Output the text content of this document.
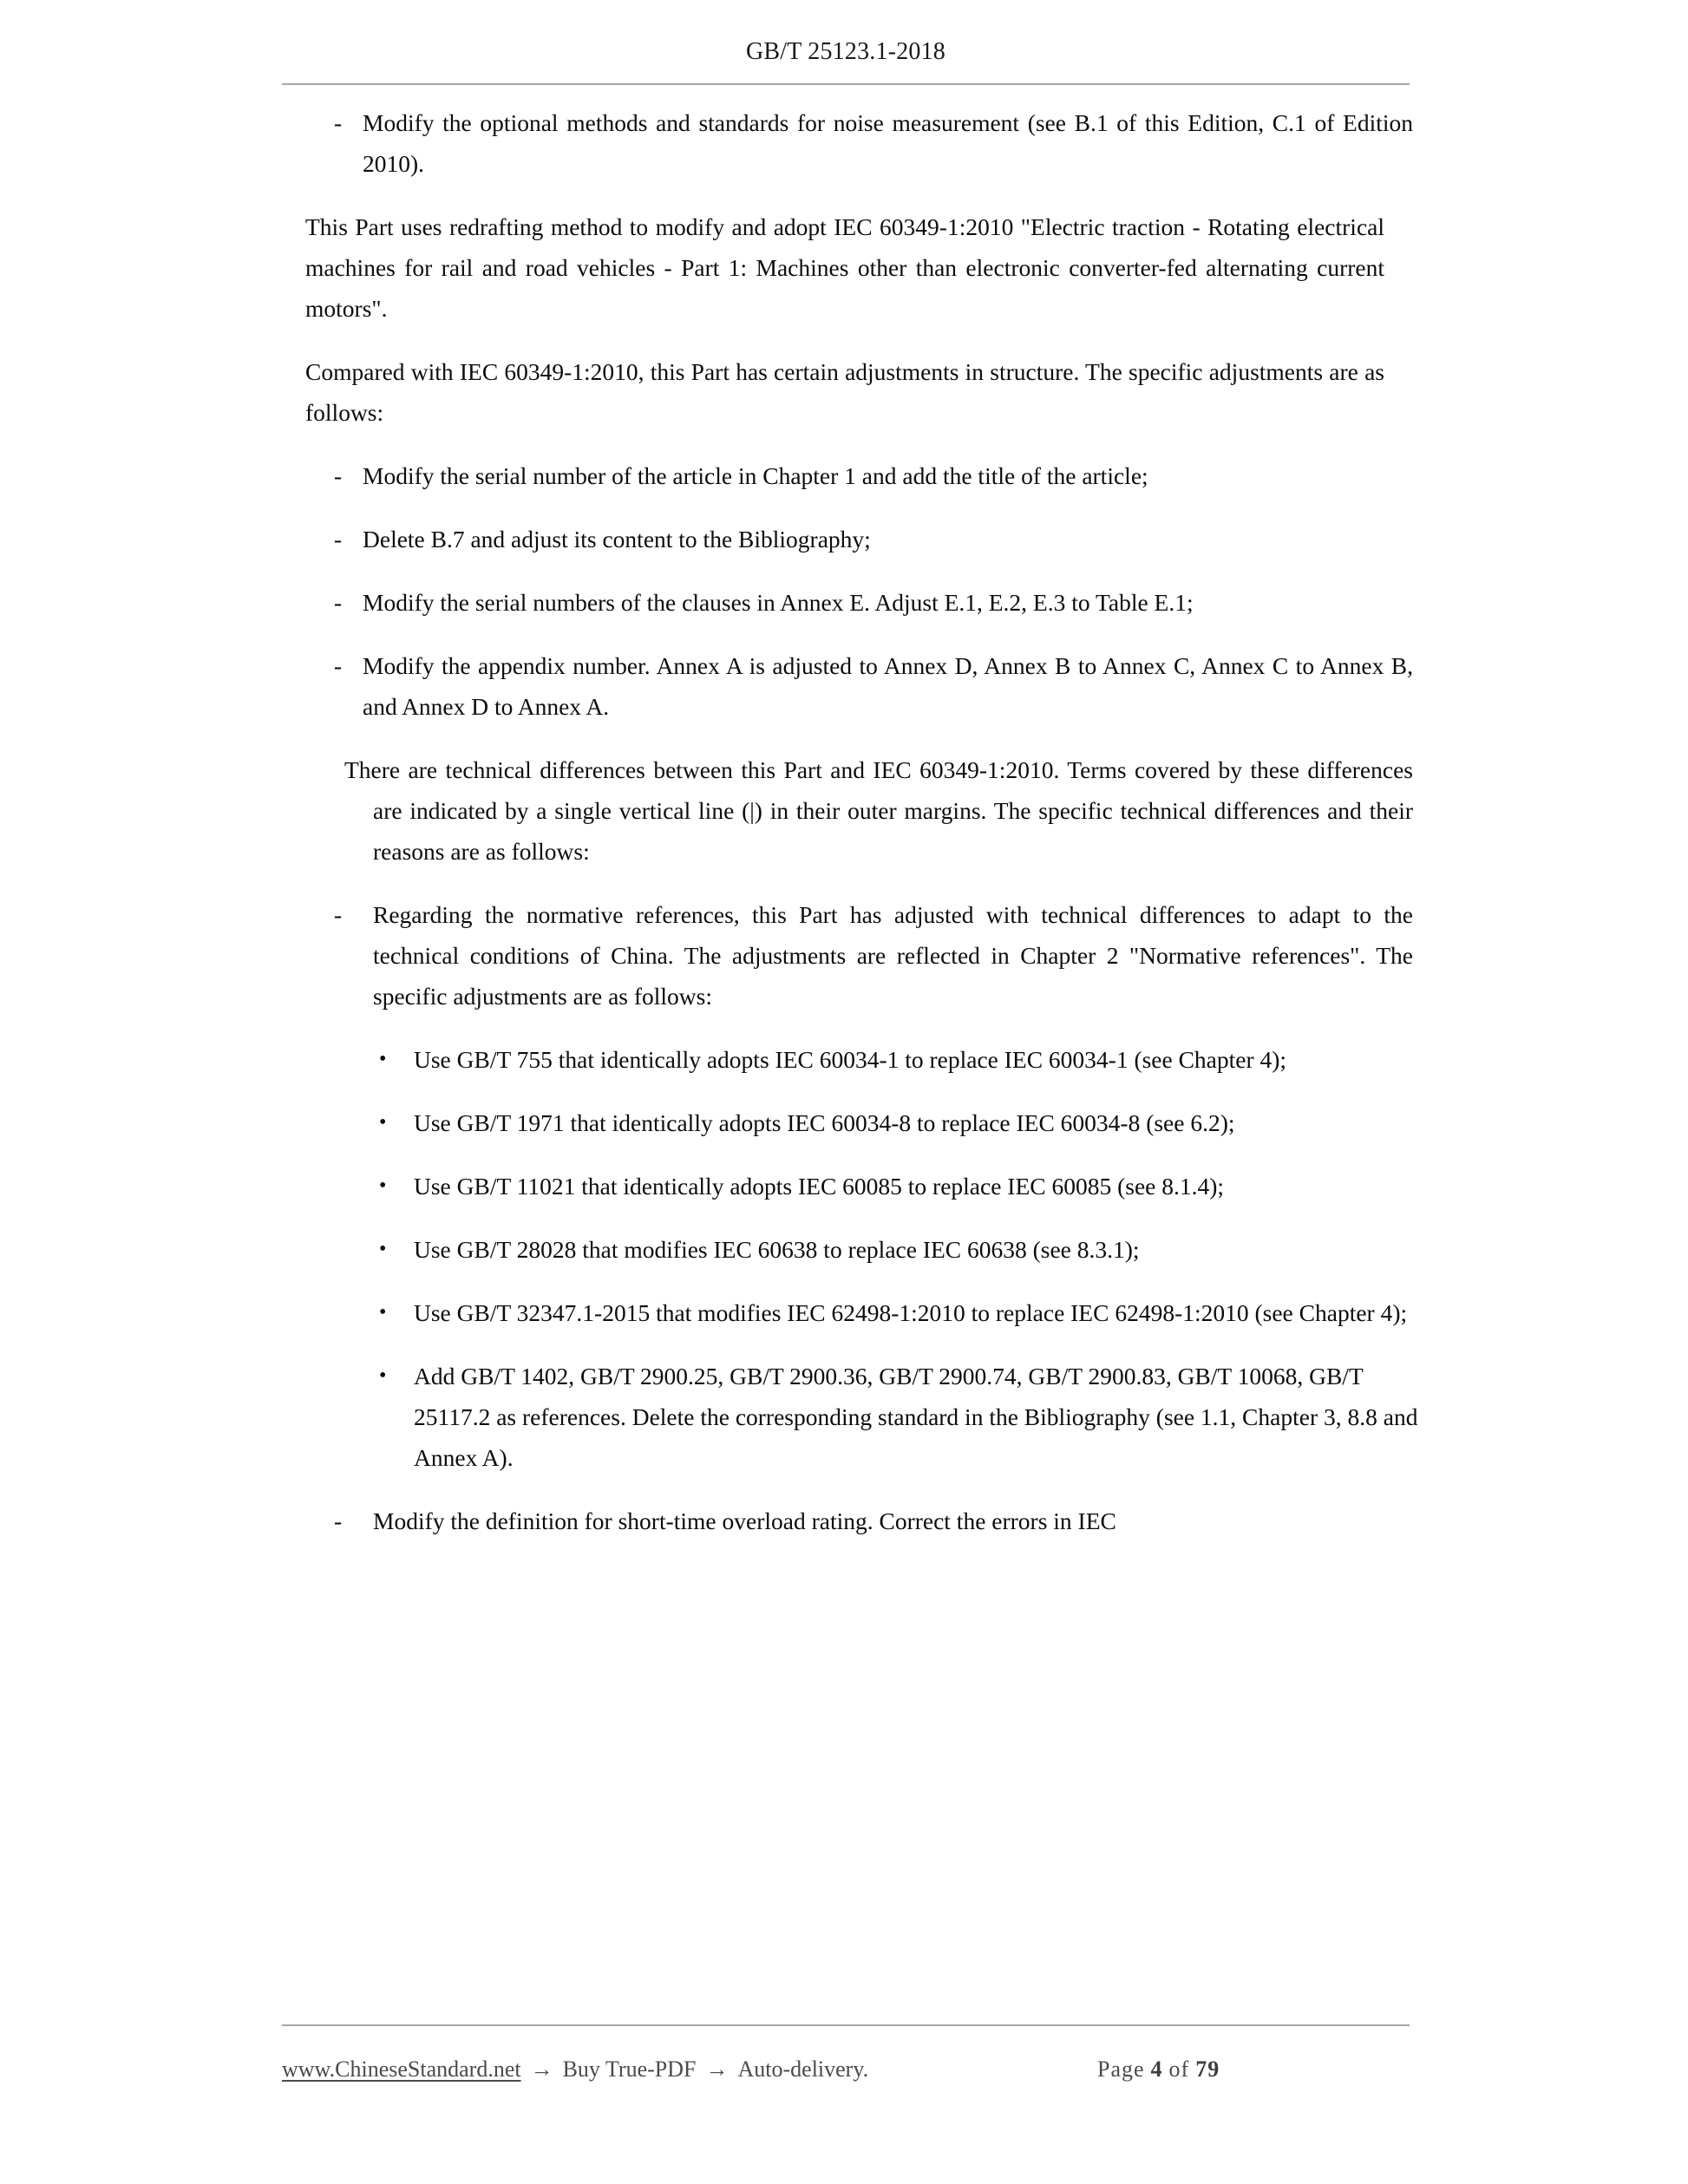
GB/T 25123.1-2018
- Modify the optional methods and standards for noise measurement (see B.1 of this Edition, C.1 of Edition 2010).
This Part uses redrafting method to modify and adopt IEC 60349-1:2010 "Electric traction - Rotating electrical machines for rail and road vehicles - Part 1: Machines other than electronic converter-fed alternating current motors".
Compared with IEC 60349-1:2010, this Part has certain adjustments in structure. The specific adjustments are as follows:
- Modify the serial number of the article in Chapter 1 and add the title of the article;
- Delete B.7 and adjust its content to the Bibliography;
- Modify the serial numbers of the clauses in Annex E. Adjust E.1, E.2, E.3 to Table E.1;
- Modify the appendix number. Annex A is adjusted to Annex D, Annex B to Annex C, Annex C to Annex B, and Annex D to Annex A.
There are technical differences between this Part and IEC 60349-1:2010. Terms covered by these differences are indicated by a single vertical line (|) in their outer margins. The specific technical differences and their reasons are as follows:
- Regarding the normative references, this Part has adjusted with technical differences to adapt to the technical conditions of China. The adjustments are reflected in Chapter 2 "Normative references". The specific adjustments are as follows:
• Use GB/T 755 that identically adopts IEC 60034-1 to replace IEC 60034-1 (see Chapter 4);
• Use GB/T 1971 that identically adopts IEC 60034-8 to replace IEC 60034-8 (see 6.2);
• Use GB/T 11021 that identically adopts IEC 60085 to replace IEC 60085 (see 8.1.4);
• Use GB/T 28028 that modifies IEC 60638 to replace IEC 60638 (see 8.3.1);
• Use GB/T 32347.1-2015 that modifies IEC 62498-1:2010 to replace IEC 62498-1:2010 (see Chapter 4);
• Add GB/T 1402, GB/T 2900.25, GB/T 2900.36, GB/T 2900.74, GB/T 2900.83, GB/T 10068, GB/T 25117.2 as references. Delete the corresponding standard in the Bibliography (see 1.1, Chapter 3, 8.8 and Annex A).
- Modify the definition for short-time overload rating. Correct the errors in IEC
www.ChineseStandard.net → Buy True-PDF → Auto-delivery.	Page 4 of 79
